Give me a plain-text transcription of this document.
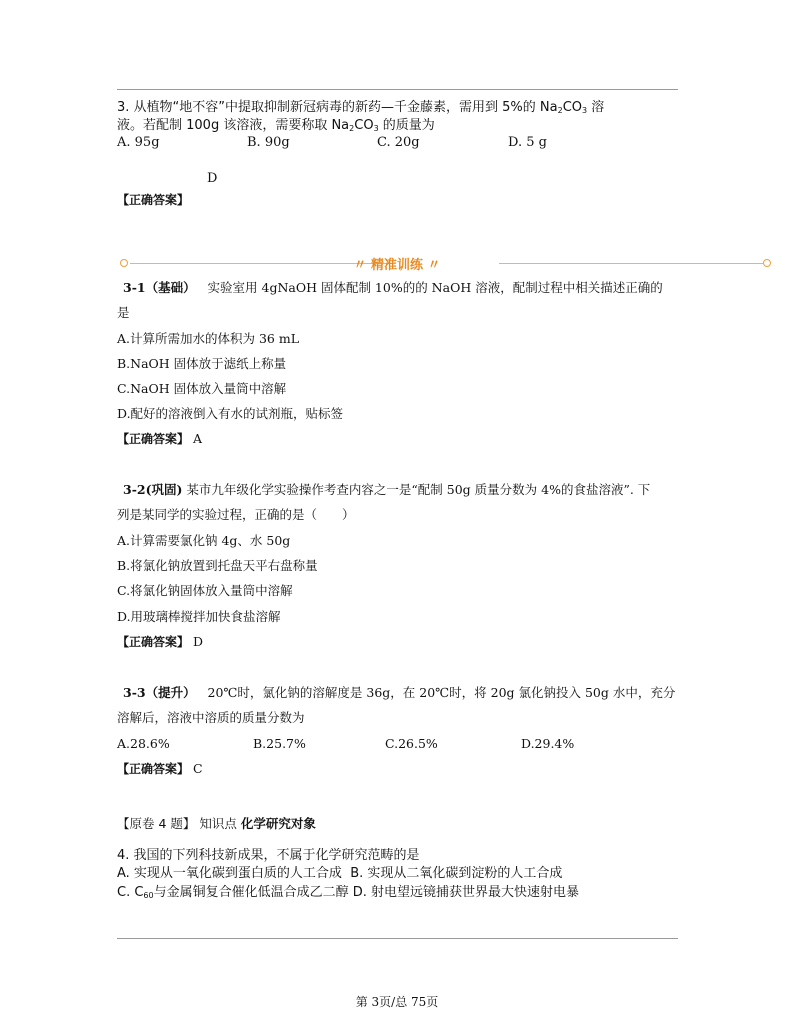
3. 从植物“地不容”中提取抑制新冠病毒的新药—千金藤素，需用到 5%的 $Na_2CO_3$ 溶
液。若配制 100g 该溶液，需要称取 $Na_2CO_3$ 的质量为
A. 95g	B. 90g	C. 20g	D. 5 g
D
【正确答案】
〃 精准训练 〃
3-1（基础） 实验室用 4gNaOH 固体配制 10%的的 NaOH 溶液，配制过程中相关描述正确的
是
A.计算所需加水的体积为 36 mL
B.NaOH 固体放于滤纸上称量
C.NaOH 固体放入量筒中溶解
D.配好的溶液倒入有水的试剂瓶，贴标签
【正确答案】 A
3-2(巩固) 某市九年级化学实验操作考查内容之一是“配制 50g 质量分数为 4%的食盐溶液”. 下
列是某同学的实验过程，正确的是（　　）
A.计算需要氯化钠 4g、水 50g
B.将氯化钠放置到托盘天平右盘称量
C.将氯化钠固体放入量筒中溶解
D.用玻璃棒搅拌加快食盐溶解
【正确答案】 D
3-3（提升） 20℃时，氯化钠的溶解度是 36g，在 20℃时，将 20g 氯化钠投入 50g 水中，充分
溶解后，溶液中溶质的质量分数为
A.28.6%	B.25.7%	C.26.5%	D.29.4%
【正确答案】 C
【原卷 4 题】 知识点 化学研究对象
4. 我国的下列科技新成果，不属于化学研究范畴的是
A. 实现从一氧化碳到蛋白质的人工合成 B. 实现从二氧化碳到淀粉的人工合成
C. $C_{60}$与金属铜复合催化低温合成乙二醇 D. 射电望远镜捕获世界最大快速射电暴
第 3页/总 75页
